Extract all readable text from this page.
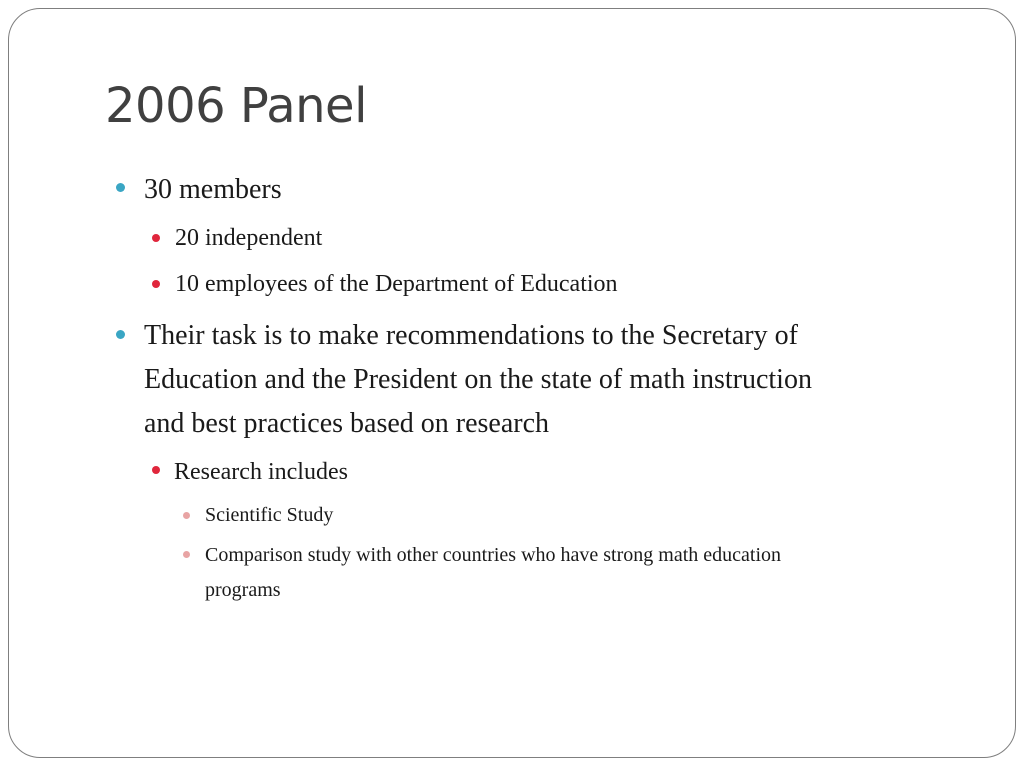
2006 Panel
30 members
20 independent
10 employees of the Department of Education
Their task is to make recommendations to the Secretary of
Education and the President on the state of math instruction
and best practices based on research
Research includes
Scientific Study
Comparison study with other countries who have strong math education
programs
